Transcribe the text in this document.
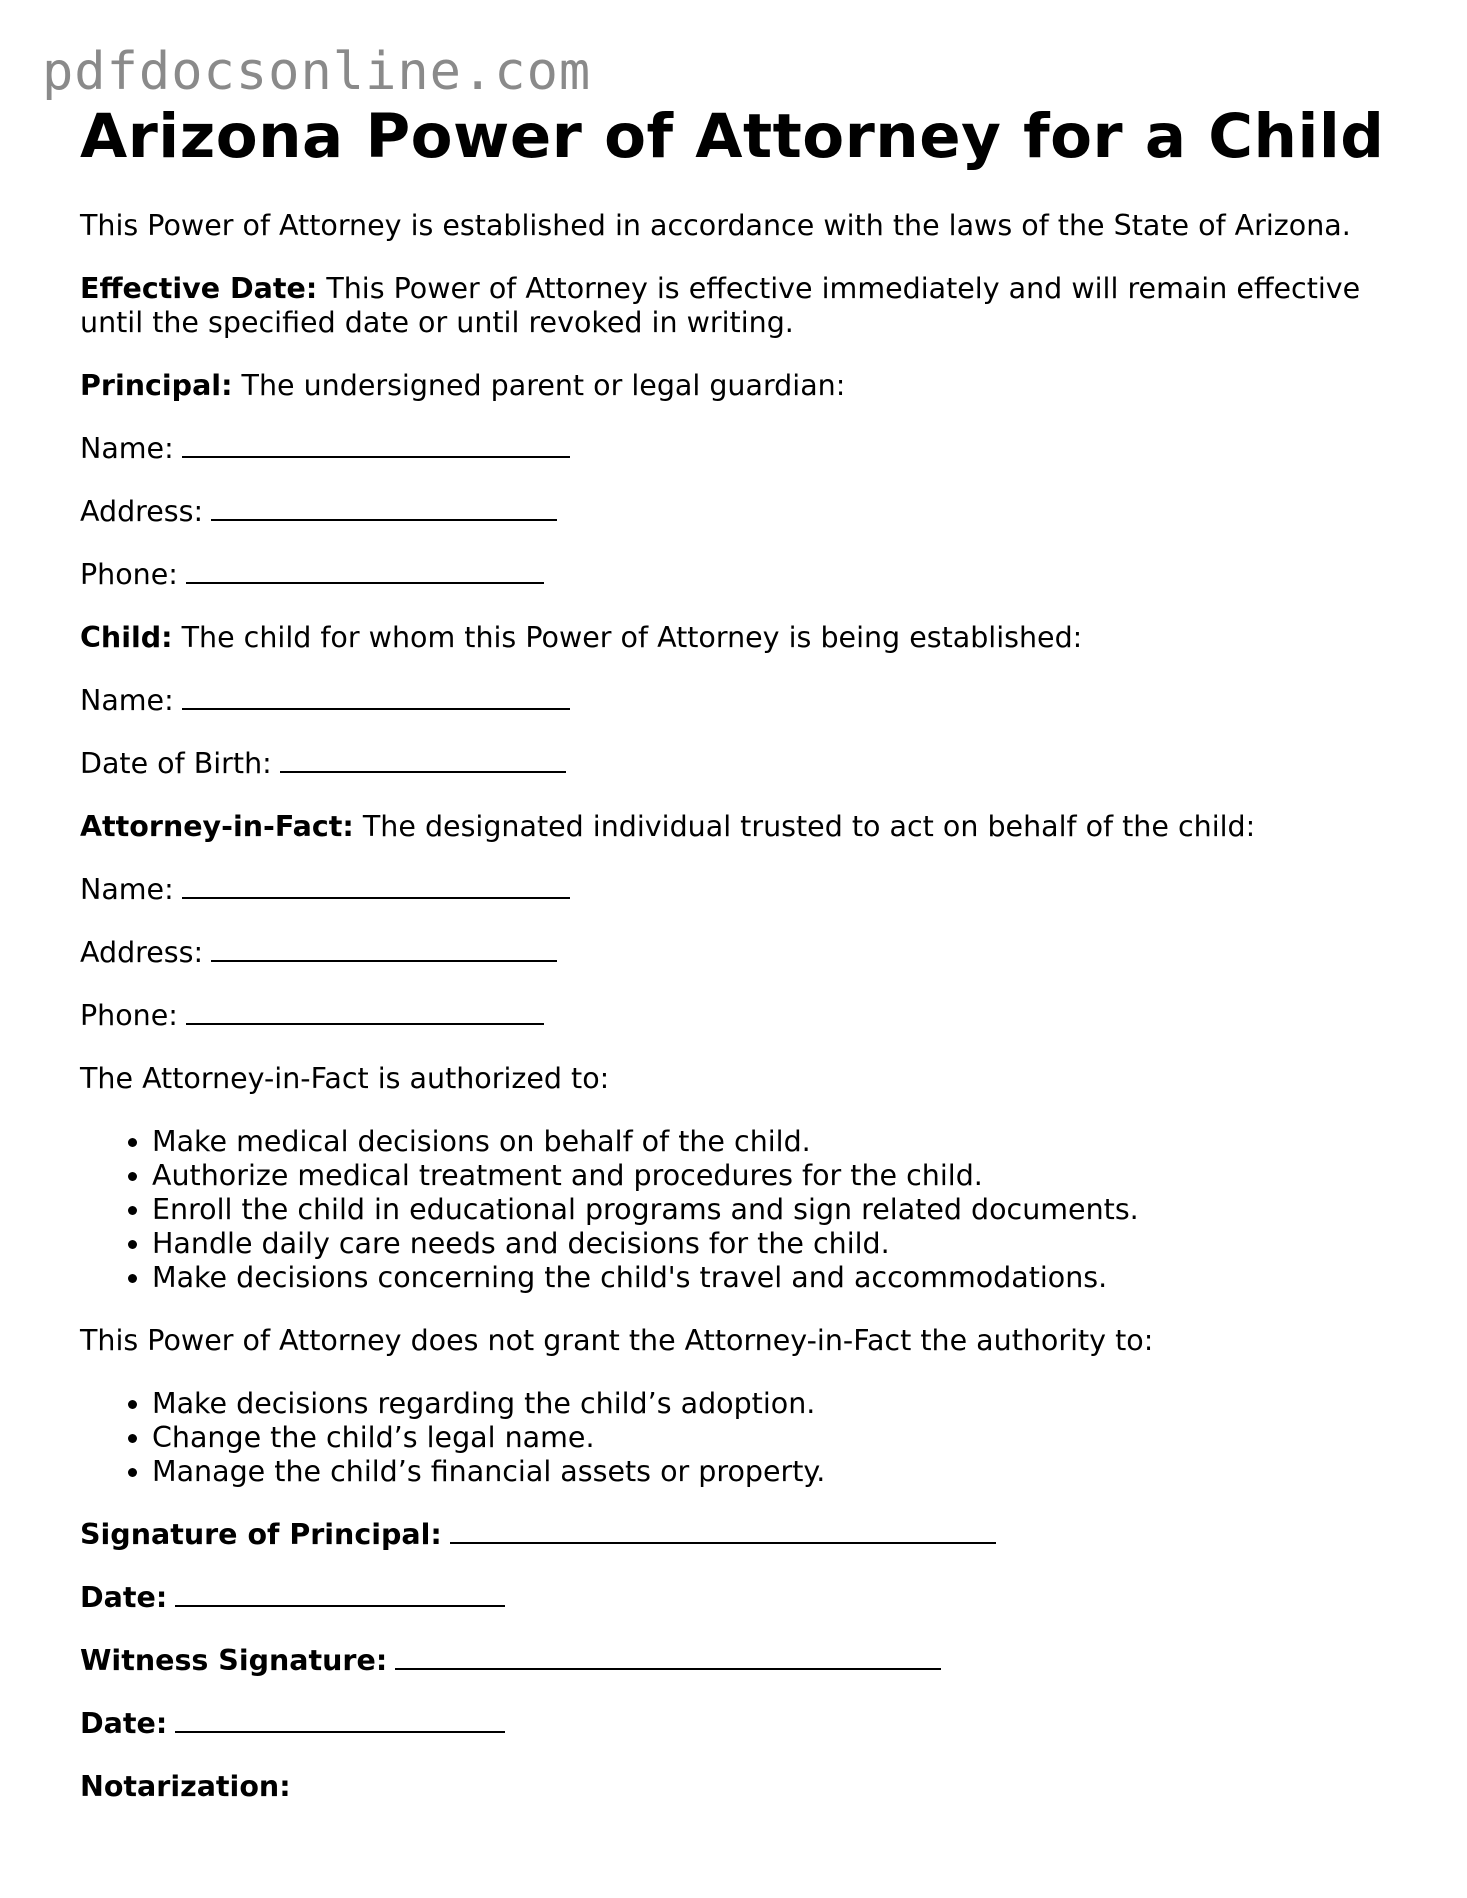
pdfdocsonline.com
Arizona Power of Attorney for a Child

This Power of Attorney is established in accordance with the laws of the State of Arizona.

Effective Date: This Power of Attorney is effective immediately and will remain effective until the specified date or until revoked in writing.

Principal: The undersigned parent or legal guardian:

Name:

Address:

Phone:

Child: The child for whom this Power of Attorney is being established:

Name:

Date of Birth:

Attorney-in-Fact: The designated individual trusted to act on behalf of the child:

Name:

Address:

Phone:

The Attorney-in-Fact is authorized to:

• Make medical decisions on behalf of the child.
• Authorize medical treatment and procedures for the child.
• Enroll the child in educational programs and sign related documents.
• Handle daily care needs and decisions for the child.
• Make decisions concerning the child's travel and accommodations.

This Power of Attorney does not grant the Attorney-in-Fact the authority to:

• Make decisions regarding the child’s adoption.
• Change the child’s legal name.
• Manage the child’s financial assets or property.

Signature of Principal:

Date:

Witness Signature:

Date:

Notarization:
